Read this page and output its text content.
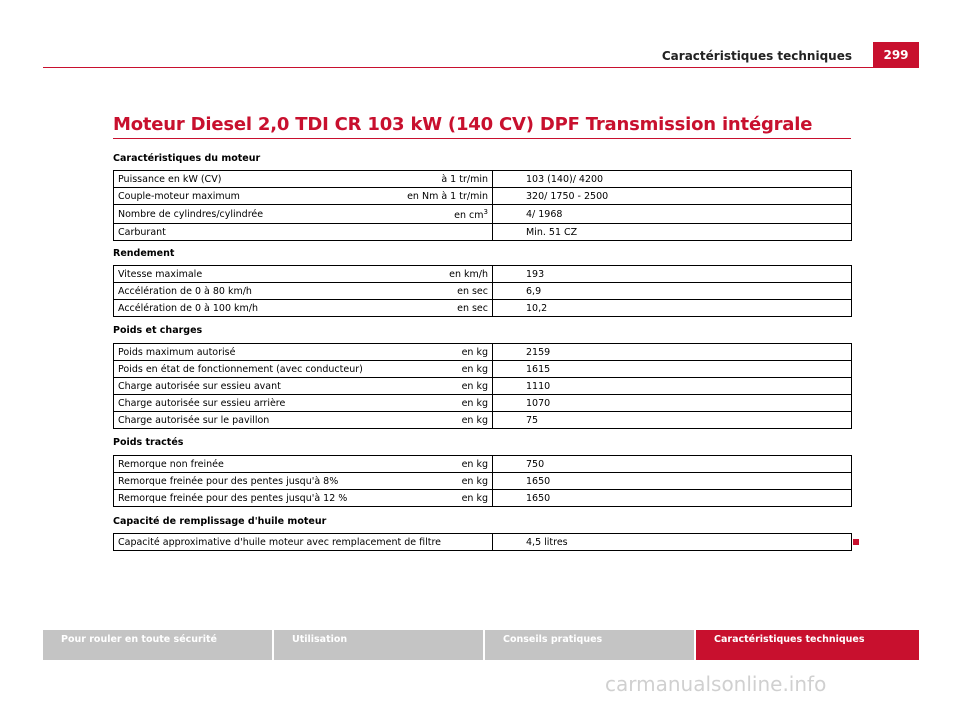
Caractéristiques techniques	299
Moteur Diesel 2,0 TDI CR 103 kW (140 CV) DPF Transmission intégrale
Caractéristiques du moteur
Puissance en kW (CV)	à 1 tr/min	103 (140)/ 4200
Couple-moteur maximum	en Nm à 1 tr/min	320/ 1750 - 2500
Nombre de cylindres/cylindrée	en $cm^3$	4/ 1968
Carburant		Min. 51 CZ
Rendement
Vitesse maximale	en km/h	193
Accélération de 0 à 80 km/h	en sec	6,9
Accélération de 0 à 100 km/h	en sec	10,2
Poids et charges
Poids maximum autorisé	en kg	2159
Poids en état de fonctionnement (avec conducteur)	en kg	1615
Charge autorisée sur essieu avant	en kg	1110
Charge autorisée sur essieu arrière	en kg	1070
Charge autorisée sur le pavillon	en kg	75
Poids tractés
Remorque non freinée	en kg	750
Remorque freinée pour des pentes jusqu'à 8%	en kg	1650
Remorque freinée pour des pentes jusqu'à 12 %	en kg	1650
Capacité de remplissage d'huile moteur
Capacité approximative d'huile moteur avec remplacement de filtre		4,5 litres
Pour rouler en toute sécurité	Utilisation	Conseils pratiques	Caractéristiques techniques
carmanualsonline.info
